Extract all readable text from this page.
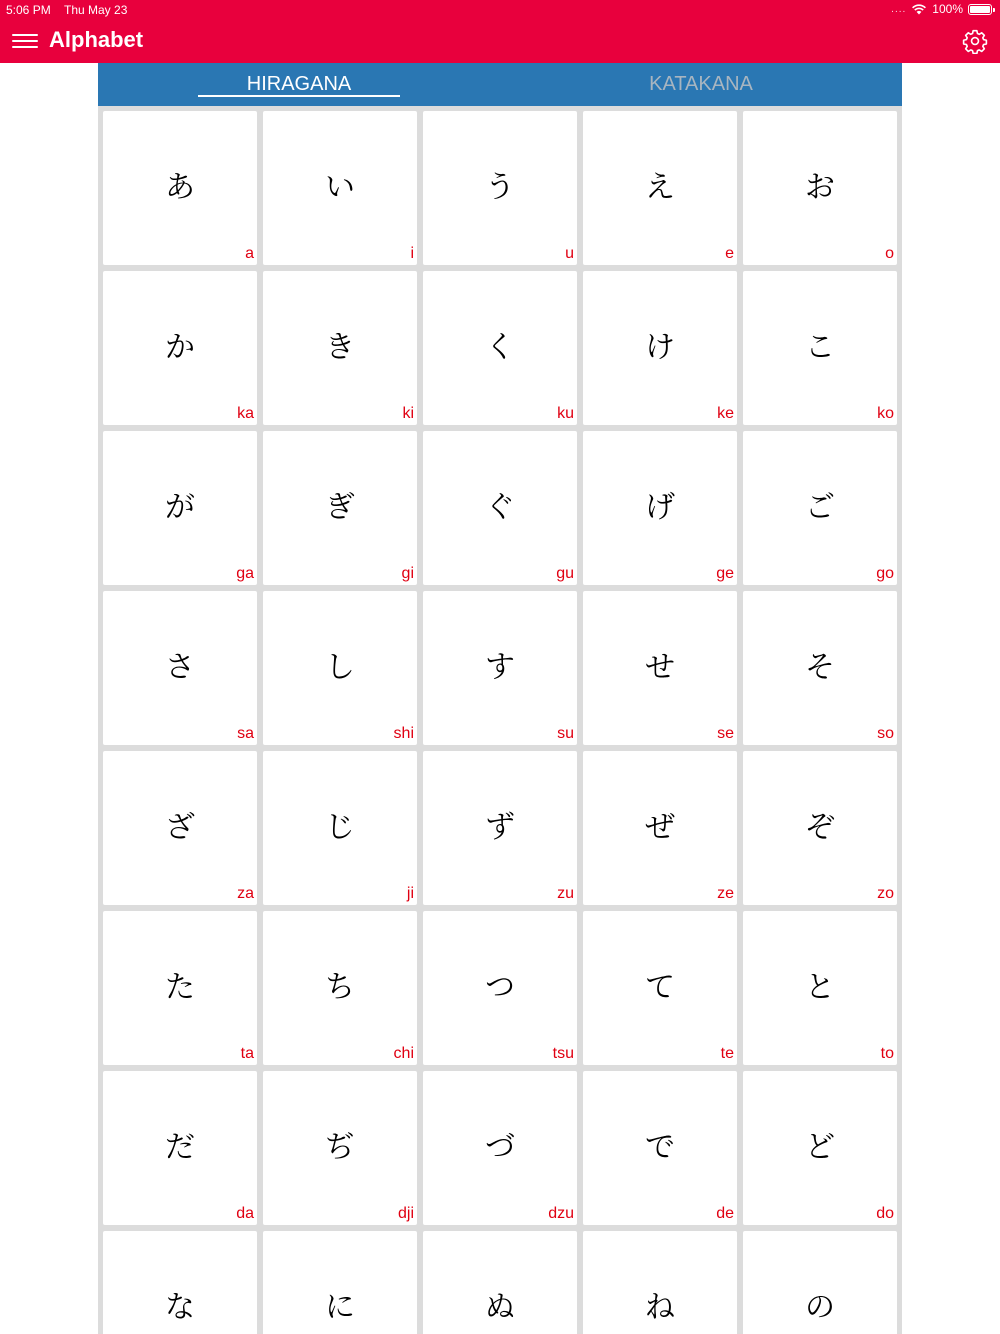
5:06 PM Thu May 23	.... 100%
Alphabet
HIRAGANA	KATAKANA
あ
a
い
i
う
u
え
e
お
o
か
ka
き
ki
く
ku
け
ke
こ
ko
が
ga
ぎ
gi
ぐ
gu
げ
ge
ご
go
さ
sa
し
shi
す
su
せ
se
そ
so
ざ
za
じ
ji
ず
zu
ぜ
ze
ぞ
zo
た
ta
ち
chi
つ
tsu
て
te
と
to
だ
da
ぢ
dji
づ
dzu
で
de
ど
do
な	に	ぬ	ね	の
